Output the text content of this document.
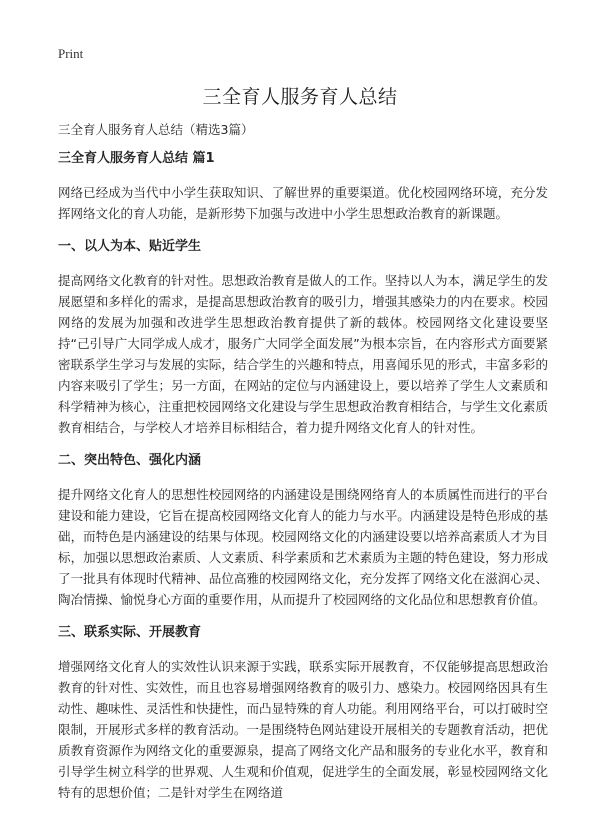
Print
三全育人服务育人总结
三全育人服务育人总结（精选3篇）
三全育人服务育人总结 篇1

网络已经成为当代中小学生获取知识、了解世界的重要渠道。优化校园网络环境，充分发挥网络文化的育人功能，是新形势下加强与改进中小学生思想政治教育的新课题。

一、以人为本、贴近学生

提高网络文化教育的针对性。思想政治教育是做人的工作。坚持以人为本，满足学生的发展愿望和多样化的需求，是提高思想政治教育的吸引力，增强其感染力的内在要求。校园网络的发展为加强和改进学生思想政治教育提供了新的载体。校园网络文化建设要坚持“己引导广大同学成人成才，服务广大同学全面发展”为根本宗旨，在内容形式方面要紧密联系学生学习与发展的实际，结合学生的兴趣和特点，用喜闻乐见的形式，丰富多彩的内容来吸引了学生；另一方面，在网站的定位与内涵建设上，要以培养了学生人文素质和科学精神为核心，注重把校园网络文化建设与学生思想政治教育相结合，与学生文化素质教育相结合，与学校人才培养目标相结合，着力提升网络文化育人的针对性。

二、突出特色、强化内涵

提升网络文化育人的思想性校园网络的内涵建设是围绕网络育人的本质属性而进行的平台建设和能力建设，它旨在提高校园网络文化育人的能力与水平。内涵建设是特色形成的基础，而特色是内涵建设的结果与体现。校园网络文化的内涵建设要以培养高素质人才为目标，加强以思想政治素质、人文素质、科学素质和艺术素质为主题的特色建设，努力形成了一批具有体现时代精神、品位高雅的校园网络文化，充分发挥了网络文化在滋润心灵、陶冶情操、愉悦身心方面的重要作用，从而提升了校园网络的文化品位和思想教育价值。

三、联系实际、开展教育

增强网络文化育人的实效性认识来源于实践，联系实际开展教育，不仅能够提高思想政治教育的针对性、实效性，而且也容易增强网络教育的吸引力、感染力。校园网络因具有生动性、趣味性、灵活性和快捷性，而凸显特殊的育人功能。利用网络平台，可以打破时空限制，开展形式多样的教育活动。一是围绕特色网站建设开展相关的专题教育活动，把优质教育资源作为网络文化的重要源泉，提高了网络文化产品和服务的专业化水平，教育和引导学生树立科学的世界观、人生观和价值观，促进学生的全面发展，彰显校园网络文化特有的思想价值；二是针对学生在网络道
